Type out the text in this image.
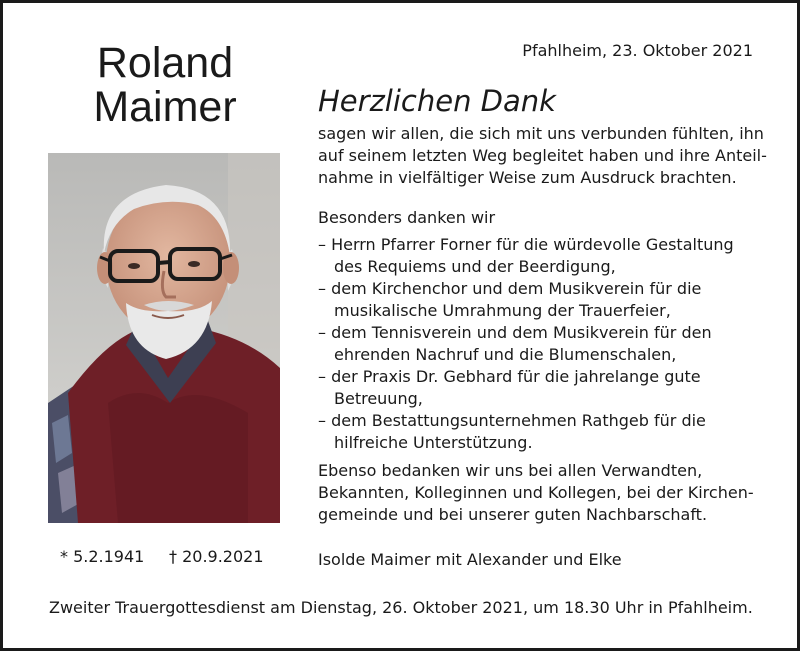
Roland
Maimer
* 5.2.1941 † 20.9.2021
Pfahlheim, 23. Oktober 2021
Herzlichen Dank
sagen wir allen, die sich mit uns verbunden fühlten, ihn
auf seinem letzten Weg begleitet haben und ihre Anteil-
nahme in vielfältiger Weise zum Ausdruck brachten.
Besonders danken wir
– Herrn Pfarrer Forner für die würdevolle Gestaltung
des Requiems und der Beerdigung,
– dem Kirchenchor und dem Musikverein für die
musikalische Umrahmung der Trauerfeier,
– dem Tennisverein und dem Musikverein für den
ehrenden Nachruf und die Blumenschalen,
– der Praxis Dr. Gebhard für die jahrelange gute
Betreuung,
– dem Bestattungsunternehmen Rathgeb für die
hilfreiche Unterstützung.
Ebenso bedanken wir uns bei allen Verwandten,
Bekannten, Kolleginnen und Kollegen, bei der Kirchen-
gemeinde und bei unserer guten Nachbarschaft.
Isolde Maimer mit Alexander und Elke
Zweiter Trauergottesdienst am Dienstag, 26. Oktober 2021, um 18.30 Uhr in Pfahlheim.
